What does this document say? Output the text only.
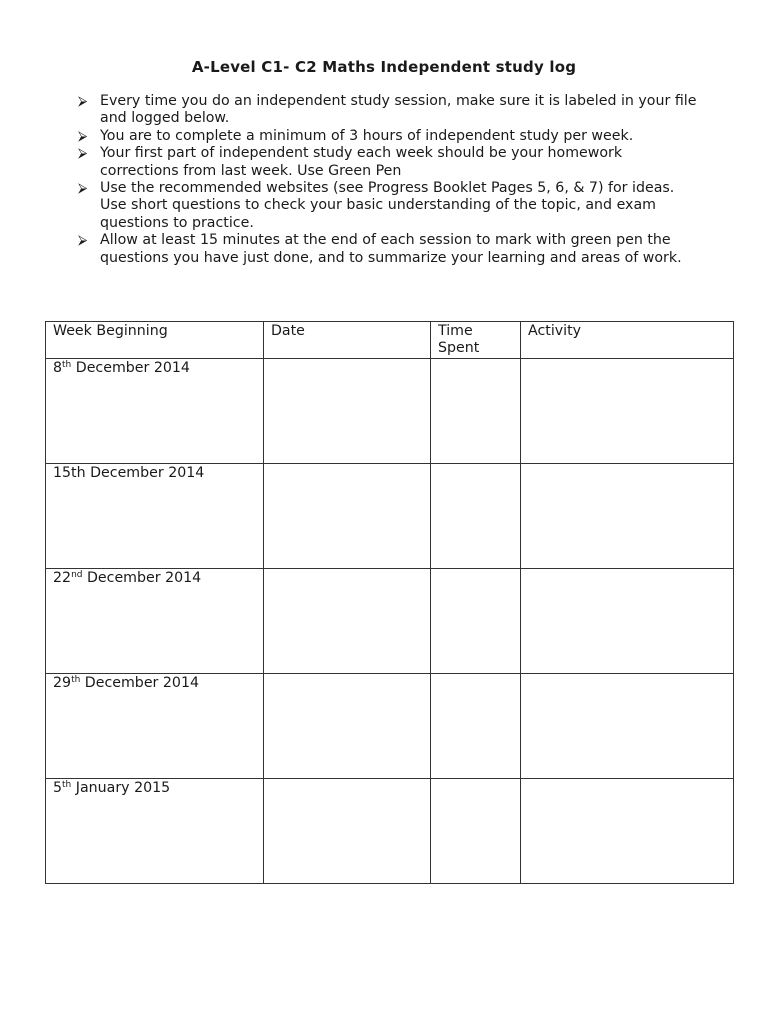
A-Level C1- C2 Maths Independent study log
⮚ Every time you do an independent study session, make sure it is labeled in your file and logged below.
⮚ You are to complete a minimum of 3 hours of independent study per week.
⮚ Your first part of independent study each week should be your homework corrections from last week. Use Green Pen
⮚ Use the recommended websites (see Progress Booklet Pages 5, 6, & 7) for ideas. Use short questions to check your basic understanding of the topic, and exam questions to practice.
⮚ Allow at least 15 minutes at the end of each session to mark with green pen the questions you have just done, and to summarize your learning and areas of work.
Week Beginning	Date	Time Spent	Activity
8th December 2014			
15th December 2014			
22nd December 2014			
29th December 2014			
5th January 2015			
